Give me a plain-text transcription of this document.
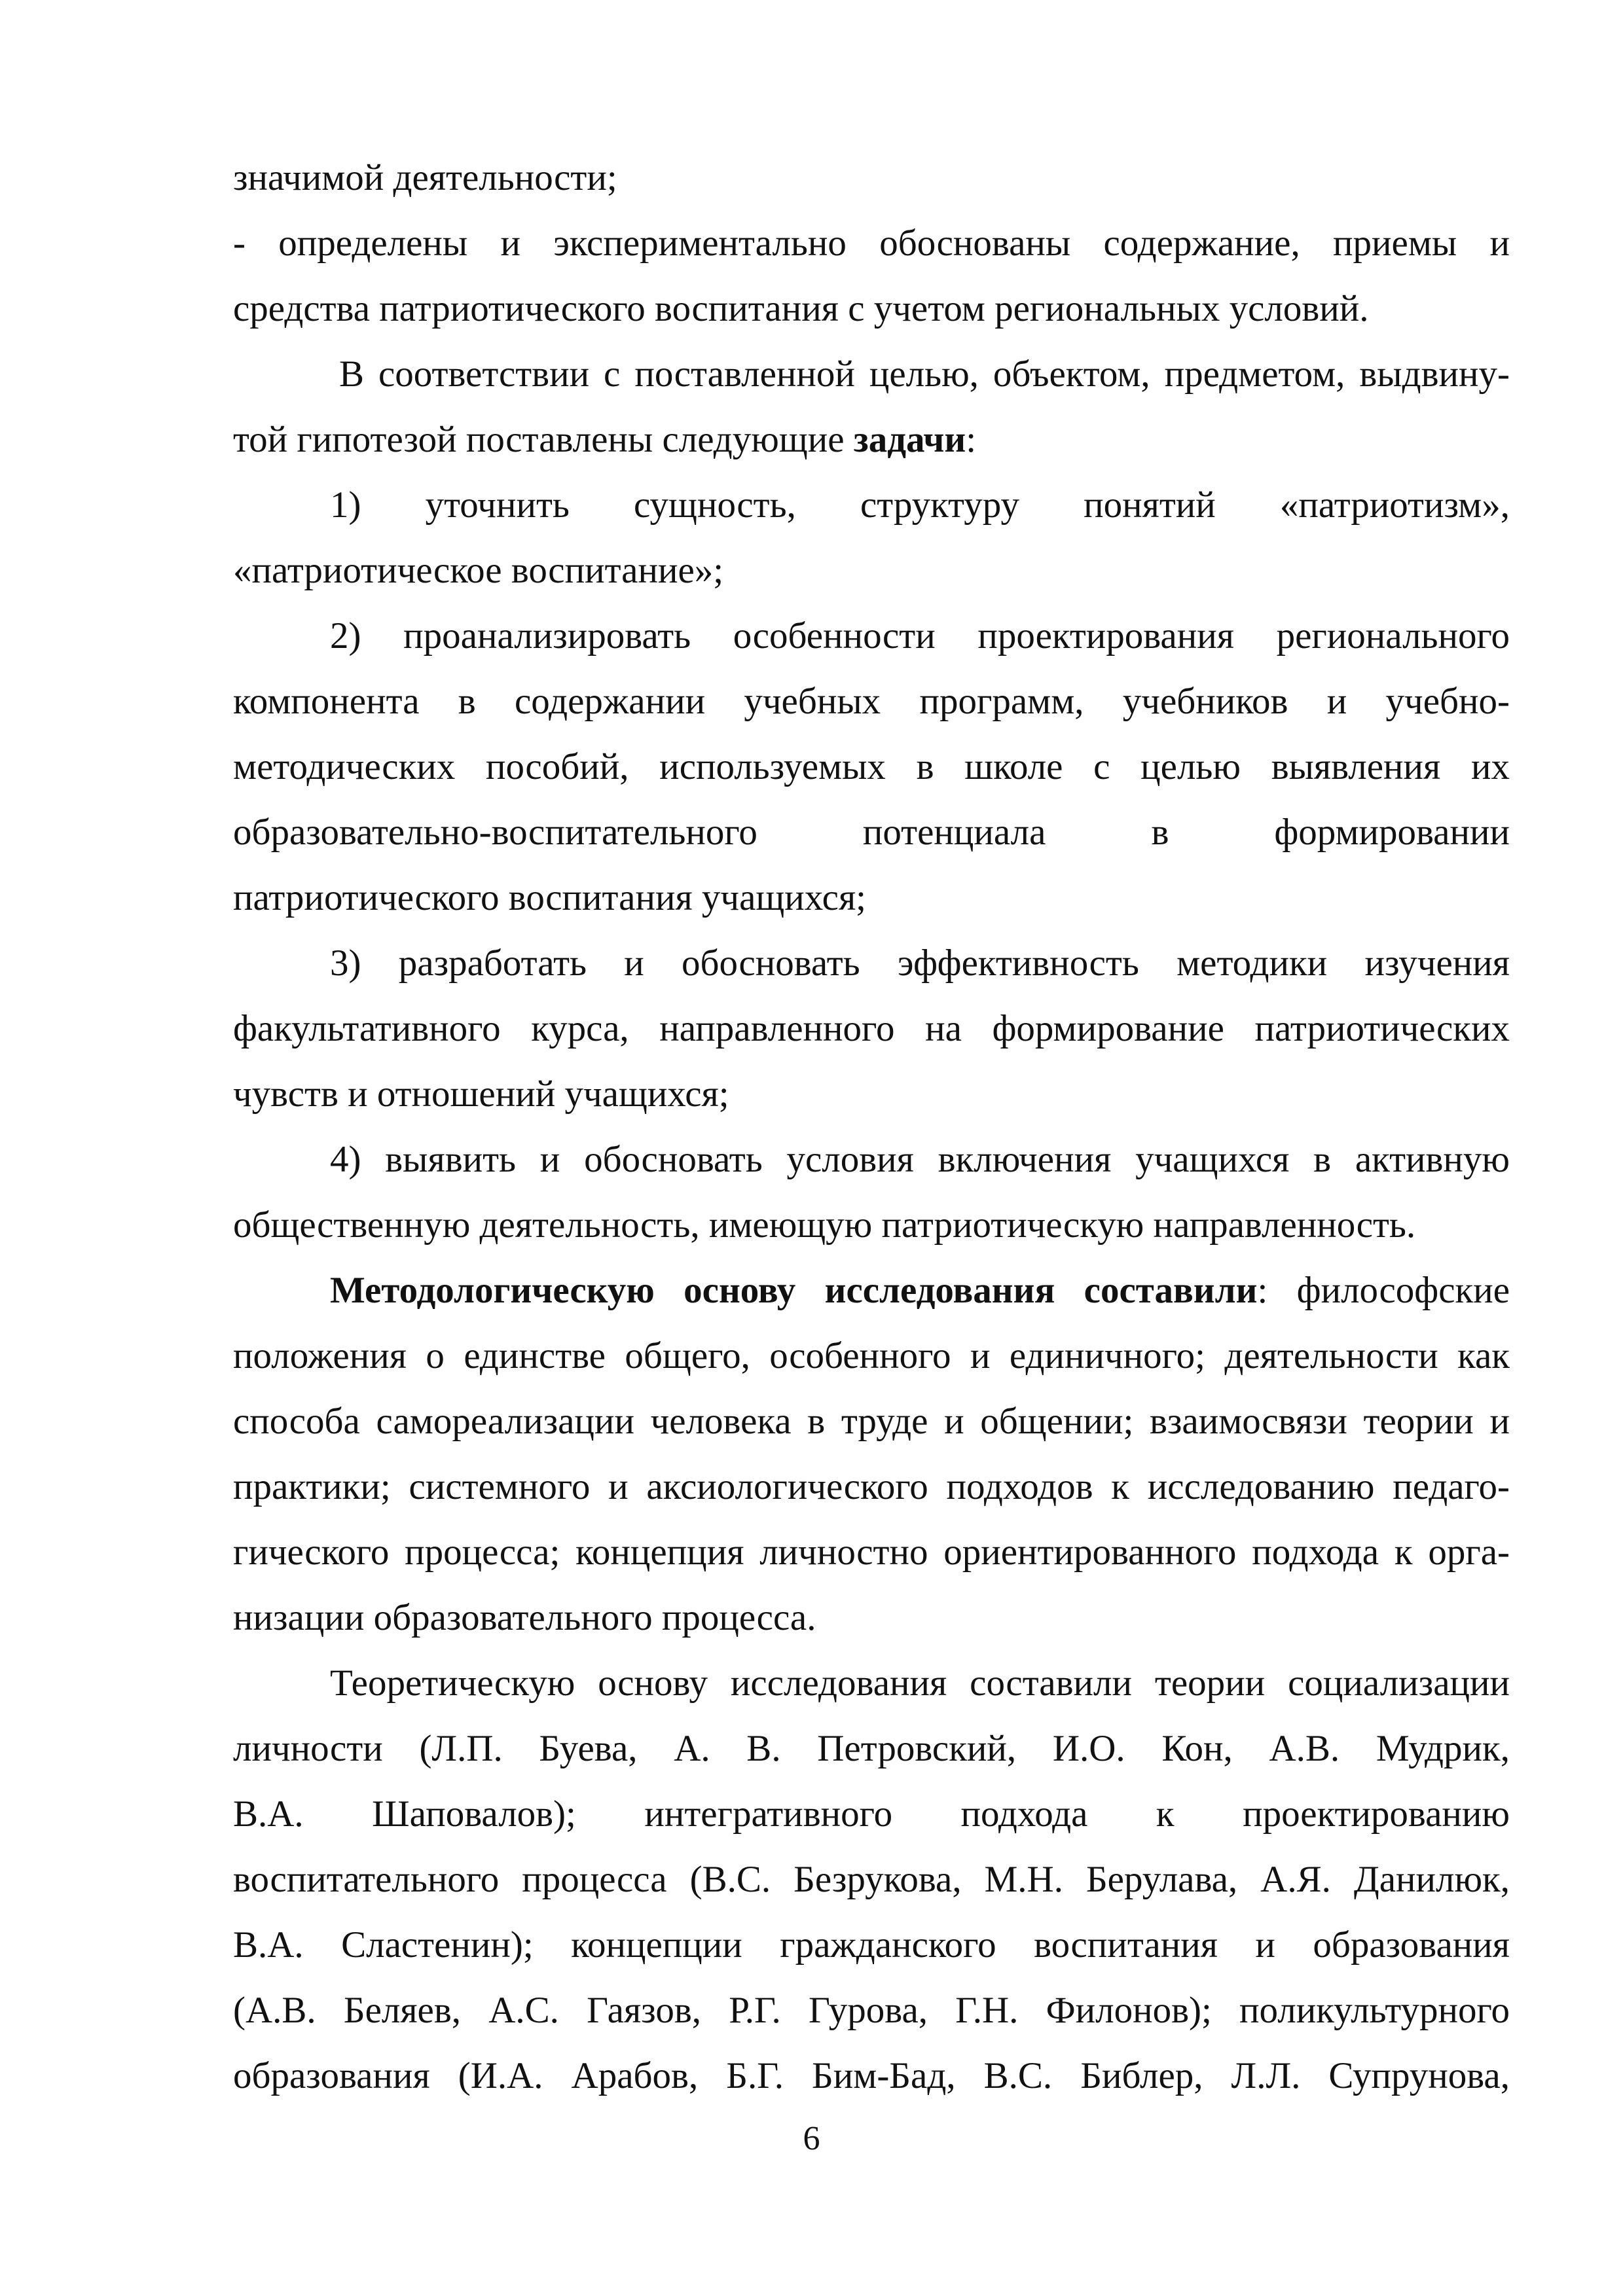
значимой деятельности;
- определены и экспериментально обоснованы содержание, приемы и
средства патриотического воспитания с учетом региональных условий.
В соответствии с поставленной целью, объектом, предметом, выдвину-
той гипотезой поставлены следующие задачи:
1) уточнить сущность, структуру понятий «патриотизм»,
«патриотическое воспитание»;
2) проанализировать особенности проектирования регионального
компонента в содержании учебных программ, учебников и учебно-
методических пособий, используемых в школе с целью выявления их
образовательно-воспитательного потенциала в формировании
патриотического воспитания учащихся;
3) разработать и обосновать эффективность методики изучения
факультативного курса, направленного на формирование патриотических
чувств и отношений учащихся;
4) выявить и обосновать условия включения учащихся в активную
общественную деятельность, имеющую патриотическую направленность.
Методологическую основу исследования составили: философские
положения о единстве общего, особенного и единичного; деятельности как
способа самореализации человека в труде и общении; взаимосвязи теории и
практики; системного и аксиологического подходов к исследованию педаго-
гического процесса; концепция личностно ориентированного подхода к орга-
низации образовательного процесса.
Теоретическую основу исследования составили теории социализации
личности (Л.П. Буева, А. В. Петровский, И.О. Кон, А.В. Мудрик,
В.А. Шаповалов); интегративного подхода к проектированию
воспитательного процесса (В.С. Безрукова, М.Н. Берулава, А.Я. Данилюк,
В.А. Сластенин); концепции гражданского воспитания и образования
(А.В. Беляев, А.С. Гаязов, Р.Г. Гурова, Г.Н. Филонов); поликультурного
образования (И.А. Арабов, Б.Г. Бим-Бад, В.С. Библер, Л.Л. Супрунова,
6
